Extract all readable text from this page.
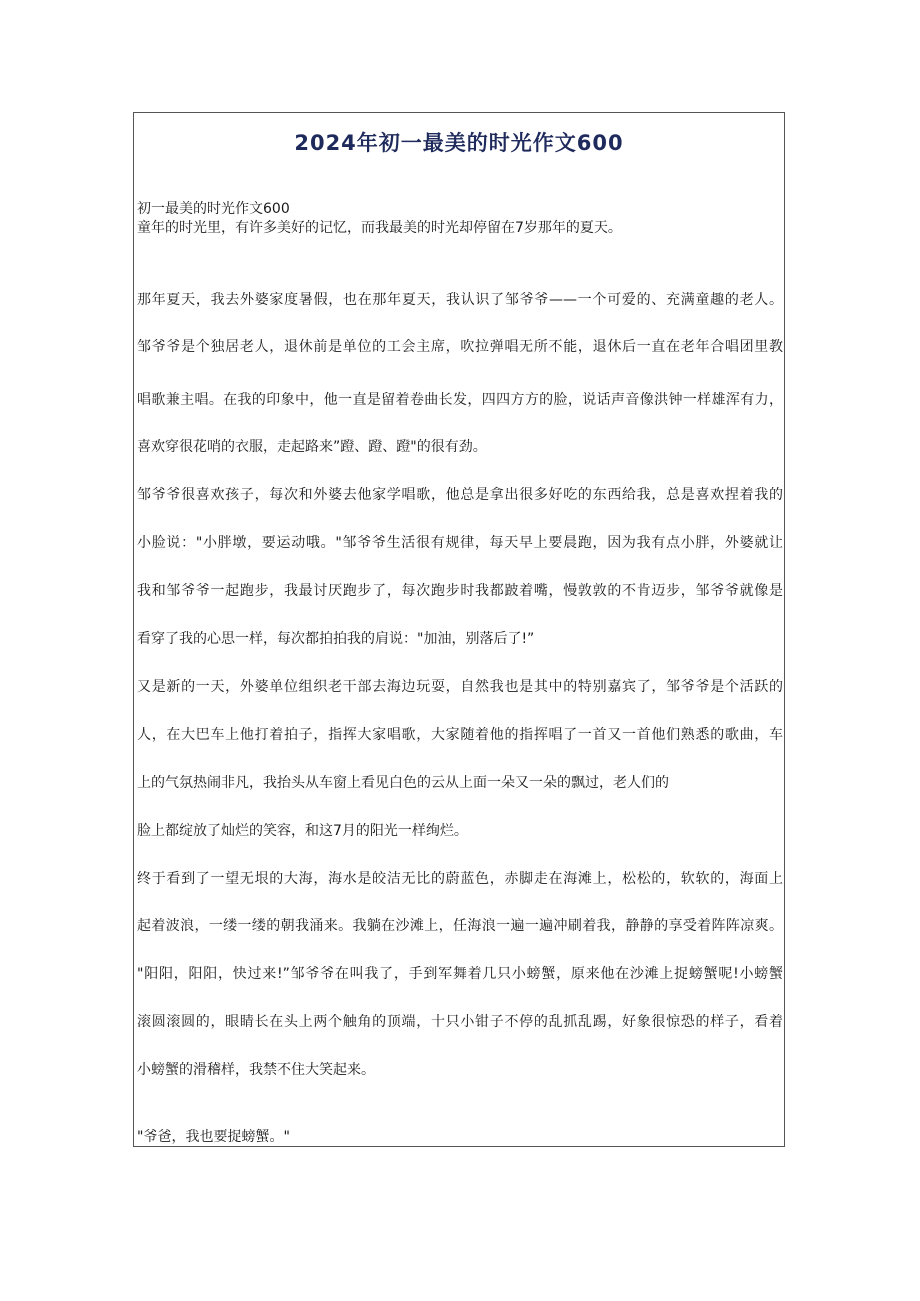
2024年初一最美的时光作文600
初一最美的时光作文600
童年的时光里，有许多美好的记忆，而我最美的时光却停留在7岁那年的夏天。
那年夏天，我去外婆家度暑假，也在那年夏天，我认识了邹爷爷——一个可爱的、充满童趣的老人。
邹爷爷是个独居老人，退休前是单位的工会主席，吹拉弹唱无所不能，退休后一直在老年合唱团里教
唱歌兼主唱。在我的印象中，他一直是留着卷曲长发，四四方方的脸，说话声音像洪钟一样雄浑有力，
喜欢穿很花哨的衣服，走起路来”蹬、蹬、蹬"的很有劲。
邹爷爷很喜欢孩子，每次和外婆去他家学唱歌，他总是拿出很多好吃的东西给我，总是喜欢捏着我的
小脸说："小胖墩，要运动哦。"邹爷爷生活很有规律，每天早上要晨跑，因为我有点小胖，外婆就让
我和邹爷爷一起跑步，我最讨厌跑步了，每次跑步时我都跛着嘴，慢敦敦的不肯迈步，邹爷爷就像是
看穿了我的心思一样，每次都拍拍我的肩说："加油，别落后了!”
又是新的一天，外婆单位组织老干部去海边玩耍，自然我也是其中的特别嘉宾了，邹爷爷是个活跃的
人，在大巴车上他打着拍子，指挥大家唱歌，大家随着他的指挥唱了一首又一首他们熟悉的歌曲，车
上的气氛热闹非凡，我抬头从车窗上看见白色的云从上面一朵又一朵的飘过，老人们的
脸上都绽放了灿烂的笑容，和这7月的阳光一样绚烂。
终于看到了一望无垠的大海，海水是皎洁无比的蔚蓝色，赤脚走在海滩上，松松的，软软的，海面上
起着波浪，一缕一缕的朝我涌来。我躺在沙滩上，任海浪一遍一遍冲刷着我，静静的享受着阵阵凉爽。
"阳阳，阳阳，快过来!”邹爷爷在叫我了，手到军舞着几只小螃蟹，原来他在沙滩上捉螃蟹呢!小螃蟹
滚圆滚圆的，眼睛长在头上两个触角的顶端，十只小钳子不停的乱抓乱踢，好象很惊恐的样子，看着
小螃蟹的滑稽样，我禁不住大笑起来。
"爷爸，我也要捉螃蟹。"
